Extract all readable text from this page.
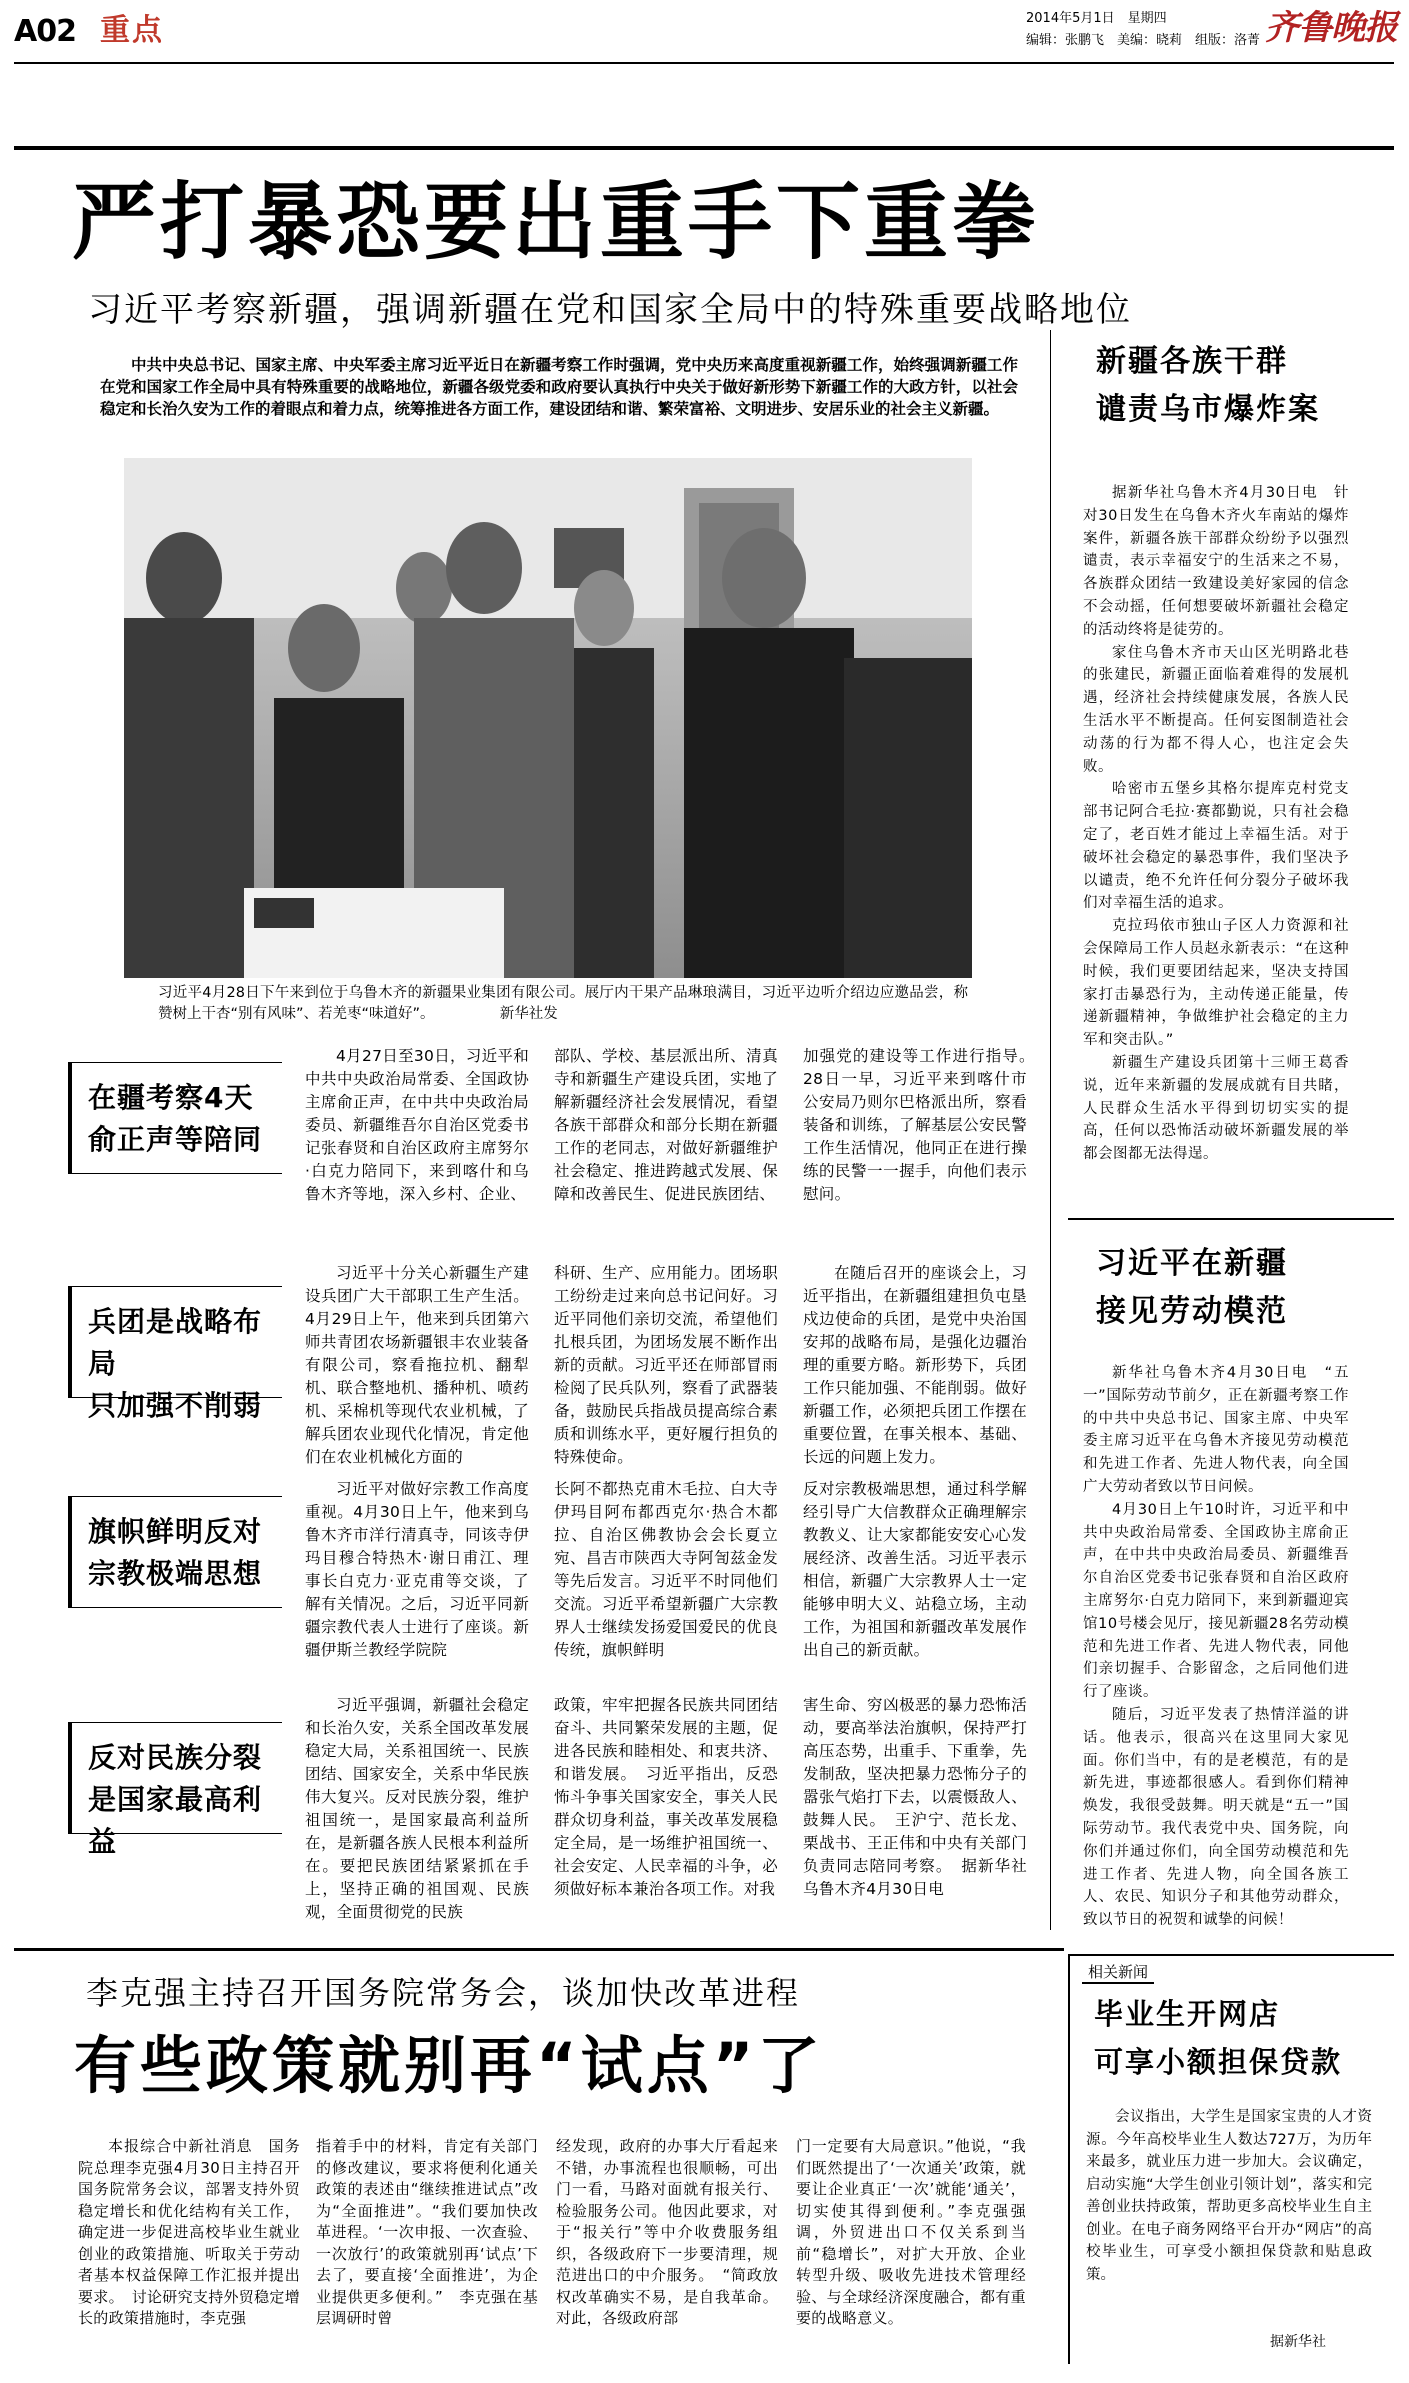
A02 重点	2014年5月1日　星期四
编辑：张鹏飞　美编：晓莉　组版：洛菁 齐鲁晚报
严打暴恐要出重手下重拳
习近平考察新疆，强调新疆在党和国家全局中的特殊重要战略地位
中共中央总书记、国家主席、中央军委主席习近平近日在新疆考察工作时强调，党中央历来高度重视新疆工作，始终强调新疆工作在党和国家工作全局中具有特殊重要的战略地位，新疆各级党委和政府要认真执行中央关于做好新形势下新疆工作的大政方针，以社会稳定和长治久安为工作的着眼点和着力点，统筹推进各方面工作，建设团结和谐、繁荣富裕、文明进步、安居乐业的社会主义新疆。
习近平4月28日下午来到位于乌鲁木齐的新疆果业集团有限公司。展厅内干果产品琳琅满目，习近平边听介绍边应邀品尝，称赞树上干杏“别有风味”、若羌枣“味道好”。　　　　　新华社发
在疆考察4天
俞正声等陪同

4月27日至30日，习近平和中共中央政治局常委、全国政协主席俞正声，在中共中央政治局委员、新疆维吾尔自治区党委书记张春贤和自治区政府主席努尔·白克力陪同下，来到喀什和乌鲁木齐等地，深入乡村、企业、

部队、学校、基层派出所、清真寺和新疆生产建设兵团，实地了解新疆经济社会发展情况，看望各族干部群众和部分长期在新疆工作的老同志，对做好新疆维护社会稳定、推进跨越式发展、保障和改善民生、促进民族团结、

加强党的建设等工作进行指导。　28日一早，习近平来到喀什市公安局乃则尔巴格派出所，察看装备和训练，了解基层公安民警工作生活情况，他同正在进行操练的民警一一握手，向他们表示慰问。

兵团是战略布局
只加强不削弱

习近平十分关心新疆生产建设兵团广大干部职工生产生活。4月29日上午，他来到兵团第六师共青团农场新疆银丰农业装备有限公司，察看拖拉机、翻犁机、联合整地机、播种机、喷药机、采棉机等现代农业机械，了解兵团农业现代化情况，肯定他们在农业机械化方面的

科研、生产、应用能力。团场职工纷纷走过来向总书记问好。习近平同他们亲切交流，希望他们扎根兵团，为团场发展不断作出新的贡献。习近平还在师部冒雨检阅了民兵队列，察看了武器装备，鼓励民兵指战员提高综合素质和训练水平，更好履行担负的特殊使命。

在随后召开的座谈会上，习近平指出，在新疆组建担负屯垦戍边使命的兵团，是党中央治国安邦的战略布局，是强化边疆治理的重要方略。新形势下，兵团工作只能加强、不能削弱。做好新疆工作，必须把兵团工作摆在重要位置，在事关根本、基础、长远的问题上发力。

旗帜鲜明反对
宗教极端思想

习近平对做好宗教工作高度重视。4月30日上午，他来到乌鲁木齐市洋行清真寺，同该寺伊玛目穆合特热木·谢日甫江、理事长白克力·亚克甫等交谈，了解有关情况。之后，习近平同新疆宗教代表人士进行了座谈。新疆伊斯兰教经学院院

长阿不都热克甫木毛拉、白大寺伊玛目阿布都西克尔·热合木都拉、自治区佛教协会会长夏立宛、昌吉市陕西大寺阿訇兹金发等先后发言。习近平不时同他们交流。习近平希望新疆广大宗教界人士继续发扬爱国爱民的优良传统，旗帜鲜明

反对宗教极端思想，通过科学解经引导广大信教群众正确理解宗教教义、让大家都能安安心心发展经济、改善生活。习近平表示相信，新疆广大宗教界人士一定能够申明大义、站稳立场，主动工作，为祖国和新疆改革发展作出自己的新贡献。

反对民族分裂
是国家最高利益

习近平强调，新疆社会稳定和长治久安，关系全国改革发展稳定大局，关系祖国统一、民族团结、国家安全，关系中华民族伟大复兴。反对民族分裂，维护祖国统一，是国家最高利益所在，是新疆各族人民根本利益所在。要把民族团结紧紧抓在手上，坚持正确的祖国观、民族观，全面贯彻党的民族

政策，牢牢把握各民族共同团结奋斗、共同繁荣发展的主题，促进各民族和睦相处、和衷共济、和谐发展。　习近平指出，反恐怖斗争事关国家安全，事关人民群众切身利益，事关改革发展稳定全局，是一场维护祖国统一、社会安定、人民幸福的斗争，必须做好标本兼治各项工作。对我

害生命、穷凶极恶的暴力恐怖活动，要高举法治旗帜，保持严打高压态势，出重手、下重拳，先发制敌，坚决把暴力恐怖分子的嚣张气焰打下去，以震慑敌人、鼓舞人民。　王沪宁、范长龙、栗战书、王正伟和中央有关部门负责同志陪同考察。　据新华社乌鲁木齐4月30日电

新疆各族干群
谴责乌市爆炸案

据新华社乌鲁木齐4月30日电　针对30日发生在乌鲁木齐火车南站的爆炸案件，新疆各族干部群众纷纷予以强烈谴责，表示幸福安宁的生活来之不易，各族群众团结一致建设美好家园的信念不会动摇，任何想要破坏新疆社会稳定的活动终将是徒劳的。

家住乌鲁木齐市天山区光明路北巷的张建民，新疆正面临着难得的发展机遇，经济社会持续健康发展，各族人民生活水平不断提高。任何妄图制造社会动荡的行为都不得人心，也注定会失败。

哈密市五堡乡其格尔提库克村党支部书记阿合毛拉·赛都勤说，只有社会稳定了，老百姓才能过上幸福生活。对于破坏社会稳定的暴恐事件，我们坚决予以谴责，绝不允许任何分裂分子破坏我们对幸福生活的追求。

克拉玛依市独山子区人力资源和社会保障局工作人员赵永新表示：“在这种时候，我们更要团结起来，坚决支持国家打击暴恐行为，主动传递正能量，传递新疆精神，争做维护社会稳定的主力军和突击队。”

新疆生产建设兵团第十三师王葛香说，近年来新疆的发展成就有目共睹，人民群众生活水平得到切切实实的提高，任何以恐怖活动破坏新疆发展的举都会图都无法得逞。

习近平在新疆
接见劳动模范

新华社乌鲁木齐4月30日电　“五一”国际劳动节前夕，正在新疆考察工作的中共中央总书记、国家主席、中央军委主席习近平在乌鲁木齐接见劳动模范和先进工作者、先进人物代表，向全国广大劳动者致以节日问候。

4月30日上午10时许，习近平和中共中央政治局常委、全国政协主席俞正声，在中共中央政治局委员、新疆维吾尔自治区党委书记张春贤和自治区政府主席努尔·白克力陪同下，来到新疆迎宾馆10号楼会见厅，接见新疆28名劳动模范和先进工作者、先进人物代表，同他们亲切握手、合影留念，之后同他们进行了座谈。

随后，习近平发表了热情洋溢的讲话。他表示，很高兴在这里同大家见面。你们当中，有的是老模范，有的是新先进，事迹都很感人。看到你们精神焕发，我很受鼓舞。明天就是“五一”国际劳动节。我代表党中央、国务院，向你们并通过你们，向全国劳动模范和先进工作者、先进人物，向全国各族工人、农民、知识分子和其他劳动群众，致以节日的祝贺和诚挚的问候！

李克强主持召开国务院常务会，谈加快改革进程
有些政策就别再“试点”了

本报综合中新社消息　国务院总理李克强4月30日主持召开国务院常务会议，部署支持外贸稳定增长和优化结构有关工作，确定进一步促进高校毕业生就业创业的政策措施、听取关于劳动者基本权益保障工作汇报并提出要求。　讨论研究支持外贸稳定增长的政策措施时，李克强

指着手中的材料，肯定有关部门的修改建议，要求将便利化通关政策的表述由“继续推进试点”改为“全面推进”。“我们要加快改革进程。‘一次申报、一次查验、一次放行’的政策就别再‘试点’下去了，要直接‘全面推进’，为企业提供更多便利。”　李克强在基层调研时曾

经发现，政府的办事大厅看起来不错，办事流程也很顺畅，可出门一看，马路对面就有报关行、检验服务公司。他因此要求，对于“报关行”等中介收费服务组织，各级政府下一步要清理，规范进出口的中介服务。　“简政放权改革确实不易，是自我革命。对此，各级政府部

门一定要有大局意识。”他说，“我们既然提出了‘一次通关’政策，就要让企业真正‘一次’就能‘通关’，切实使其得到便利。”李克强强调，外贸进出口不仅关系到当前“稳增长”，对扩大开放、企业转型升级、吸收先进技术管理经验、与全球经济深度融合，都有重要的战略意义。

相关新闻
毕业生开网店
可享小额担保贷款
会议指出，大学生是国家宝贵的人才资源。今年高校毕业生人数达727万，为历年来最多，就业压力进一步加大。会议确定，启动实施“大学生创业引领计划”，落实和完善创业扶持政策，帮助更多高校毕业生自主创业。在电子商务网络平台开办“网店”的高校毕业生，可享受小额担保贷款和贴息政策。
据新华社
